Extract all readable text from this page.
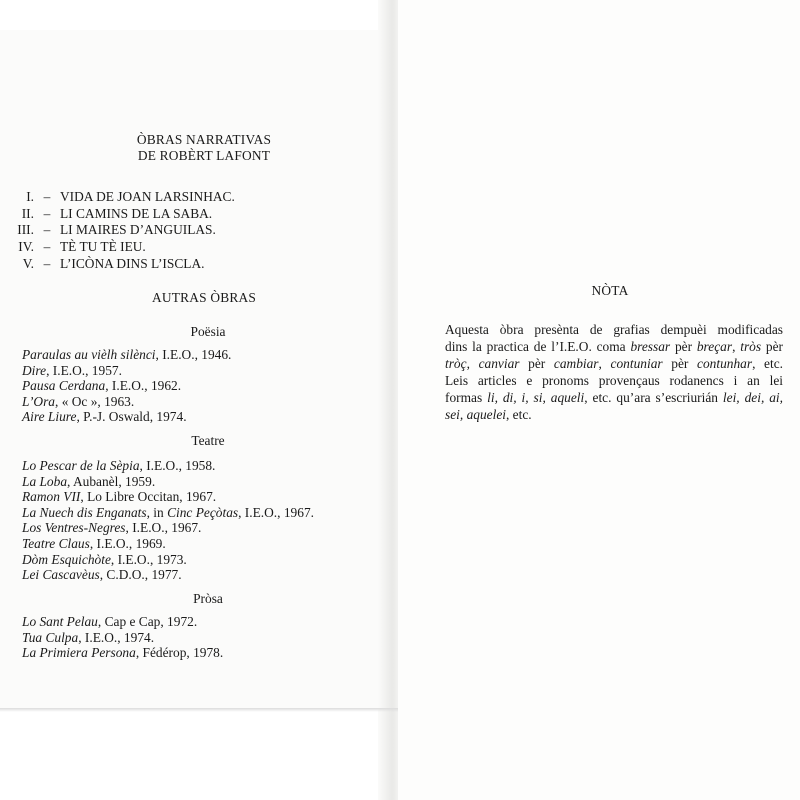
ÒBRAS NARRATIVAS
DE ROBÈRT LAFONT
I. – VIDA DE JOAN LARSINHAC.
II. – LI CAMINS DE LA SABA.
III. – LI MAIRES D’ANGUILAS.
IV. – TÈ TU TÈ IEU.
V. – L’ICÒNA DINS L’ISCLA.
AUTRAS ÒBRAS
Poësia
Paraulas au vièlh silènci, I.E.O., 1946.
Dire, I.E.O., 1957.
Pausa Cerdana, I.E.O., 1962.
L’Ora, « Oc », 1963.
Aire Liure, P.-J. Oswald, 1974.
Teatre
Lo Pescar de la Sèpia, I.E.O., 1958.
La Loba, Aubanèl, 1959.
Ramon VII, Lo Libre Occitan, 1967.
La Nuech dis Enganats, in Cinc Peçòtas, I.E.O., 1967.
Los Ventres-Negres, I.E.O., 1967.
Teatre Claus, I.E.O., 1969.
Dòm Esquichòte, I.E.O., 1973.
Lei Cascavèus, C.D.O., 1977.
Pròsa
Lo Sant Pelau, Cap e Cap, 1972.
Tua Culpa, I.E.O., 1974.
La Primiera Persona, Fédérop, 1978.
NÒTA
Aquesta òbra presènta de grafias dempuèi modificadas
dins la practica de l’I.E.O. coma bressar pèr breçar, tròs pèr
tròç, canviar pèr cambiar, contuniar pèr contunhar, etc.
Leis articles e pronoms provençaus rodanencs i an lei
formas li, di, i, si, aqueli, etc. qu’ara s’escriurián lei, dei, ai,
sei, aquelei, etc.
